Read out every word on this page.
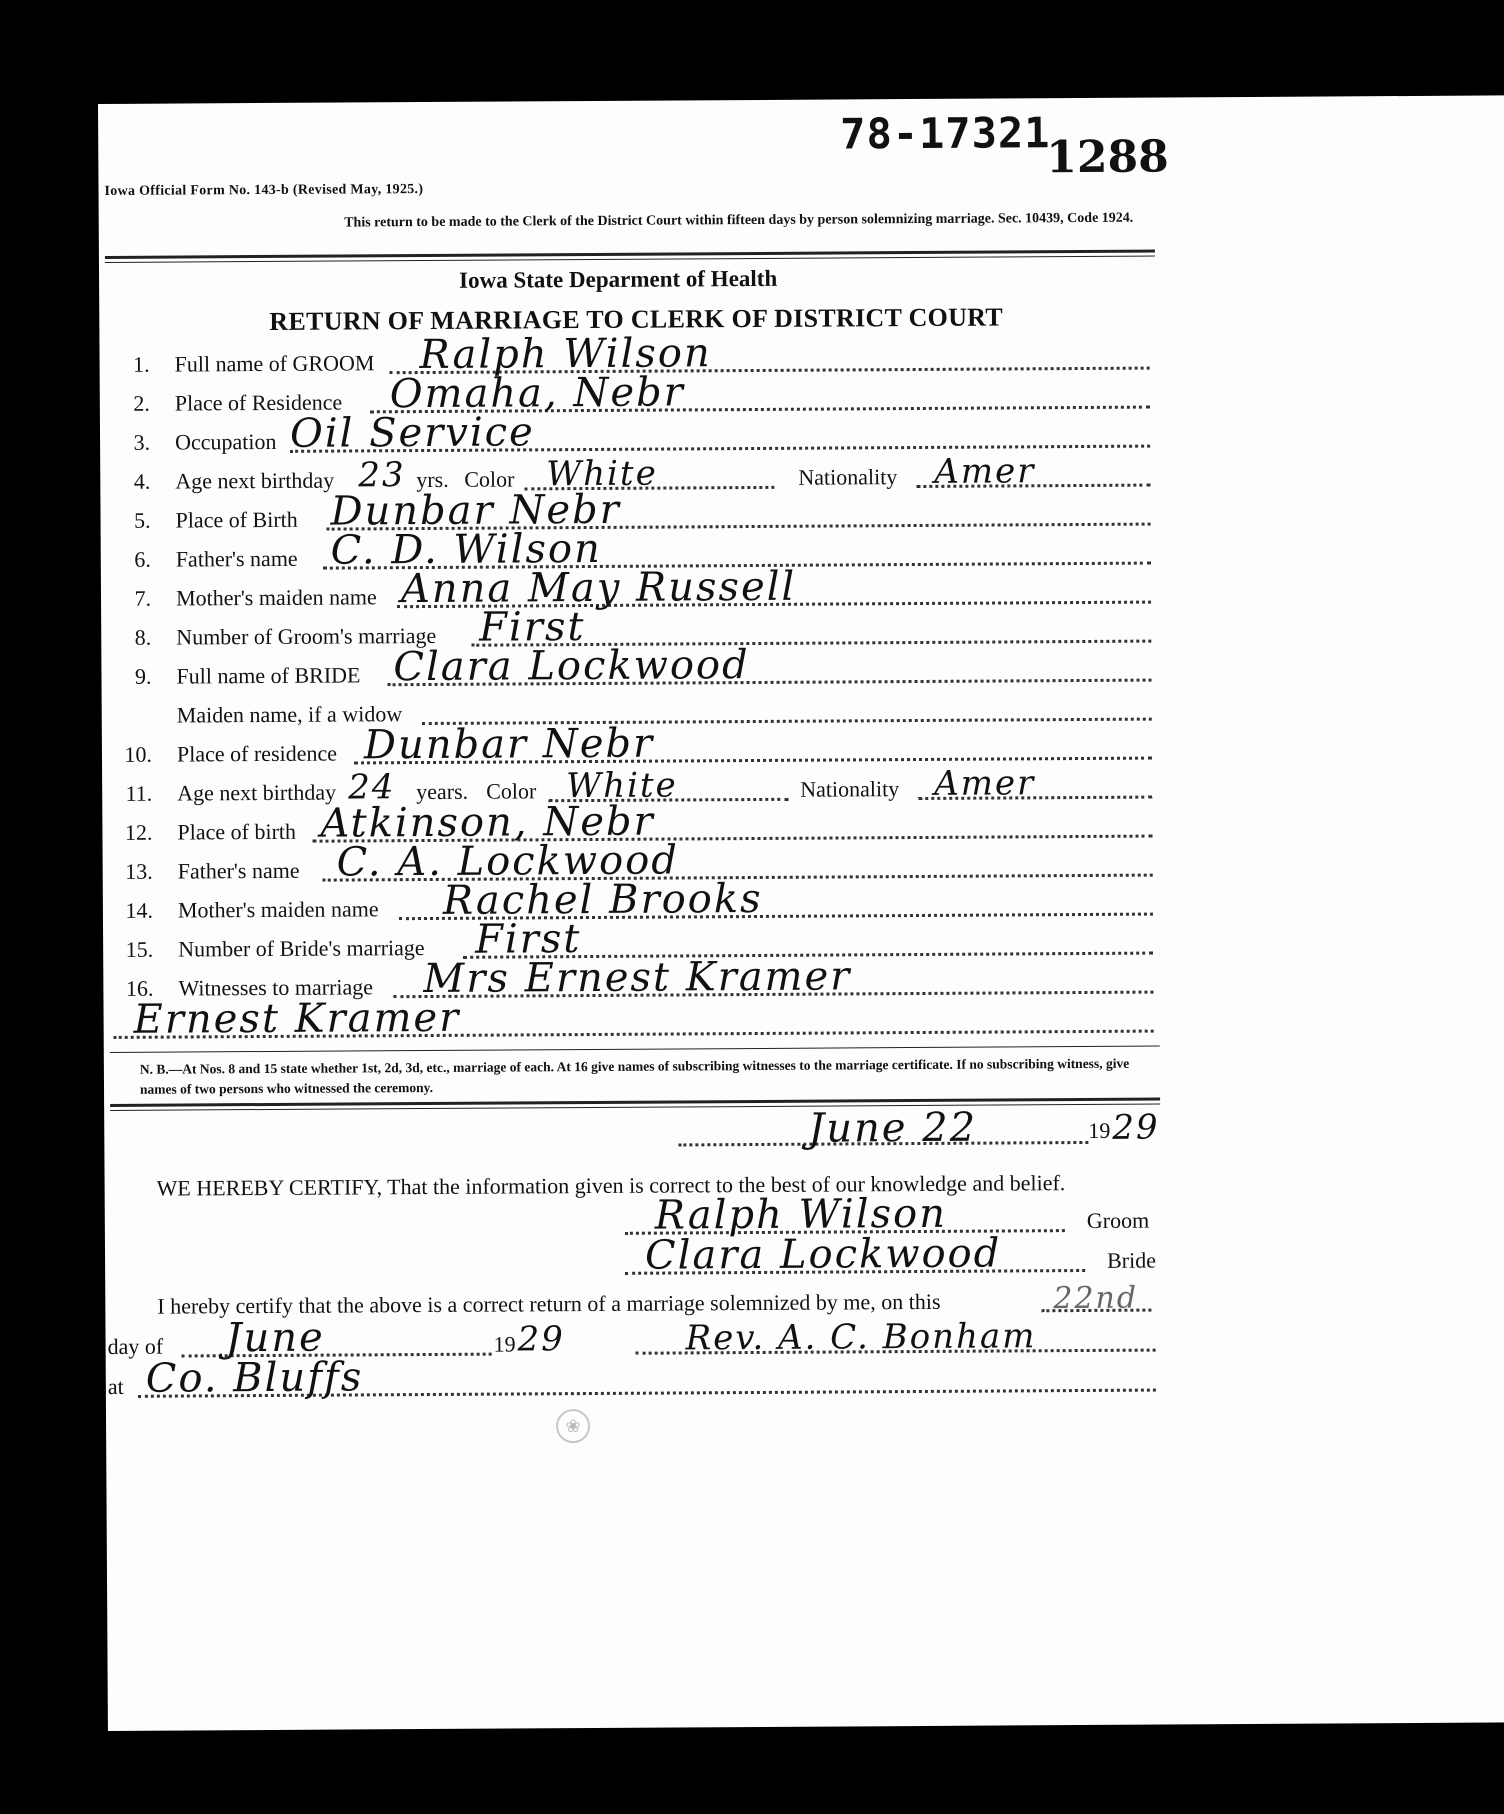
78-17321
1288
Iowa Official Form No. 143-b (Revised May, 1925.)
This return to be made to the Clerk of the District Court within fifteen days by person solemnizing marriage. Sec. 10439, Code 1924.
Iowa State Deparment of Health
RETURN OF MARRIAGE TO CLERK OF DISTRICT COURT
1. Full name of GROOM Ralph Wilson
2. Place of Residence Omaha, Nebr
3. Occupation Oil Service
4. Age next birthday 23 yrs. Color White	Nationality Amer
5. Place of Birth Dunbar Nebr
6. Father's name C. D. Wilson
7. Mother's maiden name Anna May Russell
8. Number of Groom's marriage First
9. Full name of BRIDE Clara Lockwood
Maiden name, if a widow
10. Place of residence Dunbar Nebr
11. Age next birthday 24 years. Color White	Nationality Amer
12. Place of birth Atkinson, Nebr
13. Father's name C. A. Lockwood
14. Mother's maiden name Rachel Brooks
15. Number of Bride's marriage First
16. Witnesses to marriage Mrs Ernest Kramer
Ernest Kramer
N. B.—At Nos. 8 and 15 state whether 1st, 2d, 3d, etc., marriage of each. At 16 give names of subscribing witnesses to the marriage certificate. If no subscribing witness, give names of two persons who witnessed the ceremony.
June 22	19 29
WE HEREBY CERTIFY, That the information given is correct to the best of our knowledge and belief.
Ralph Wilson	Groom
Clara Lockwood	Bride
I hereby certify that the above is a correct return of a marriage solemnized by me, on this	22nd
day of June	19 29	Rev. A. C. Bonham
at Co. Bluffs
❀
